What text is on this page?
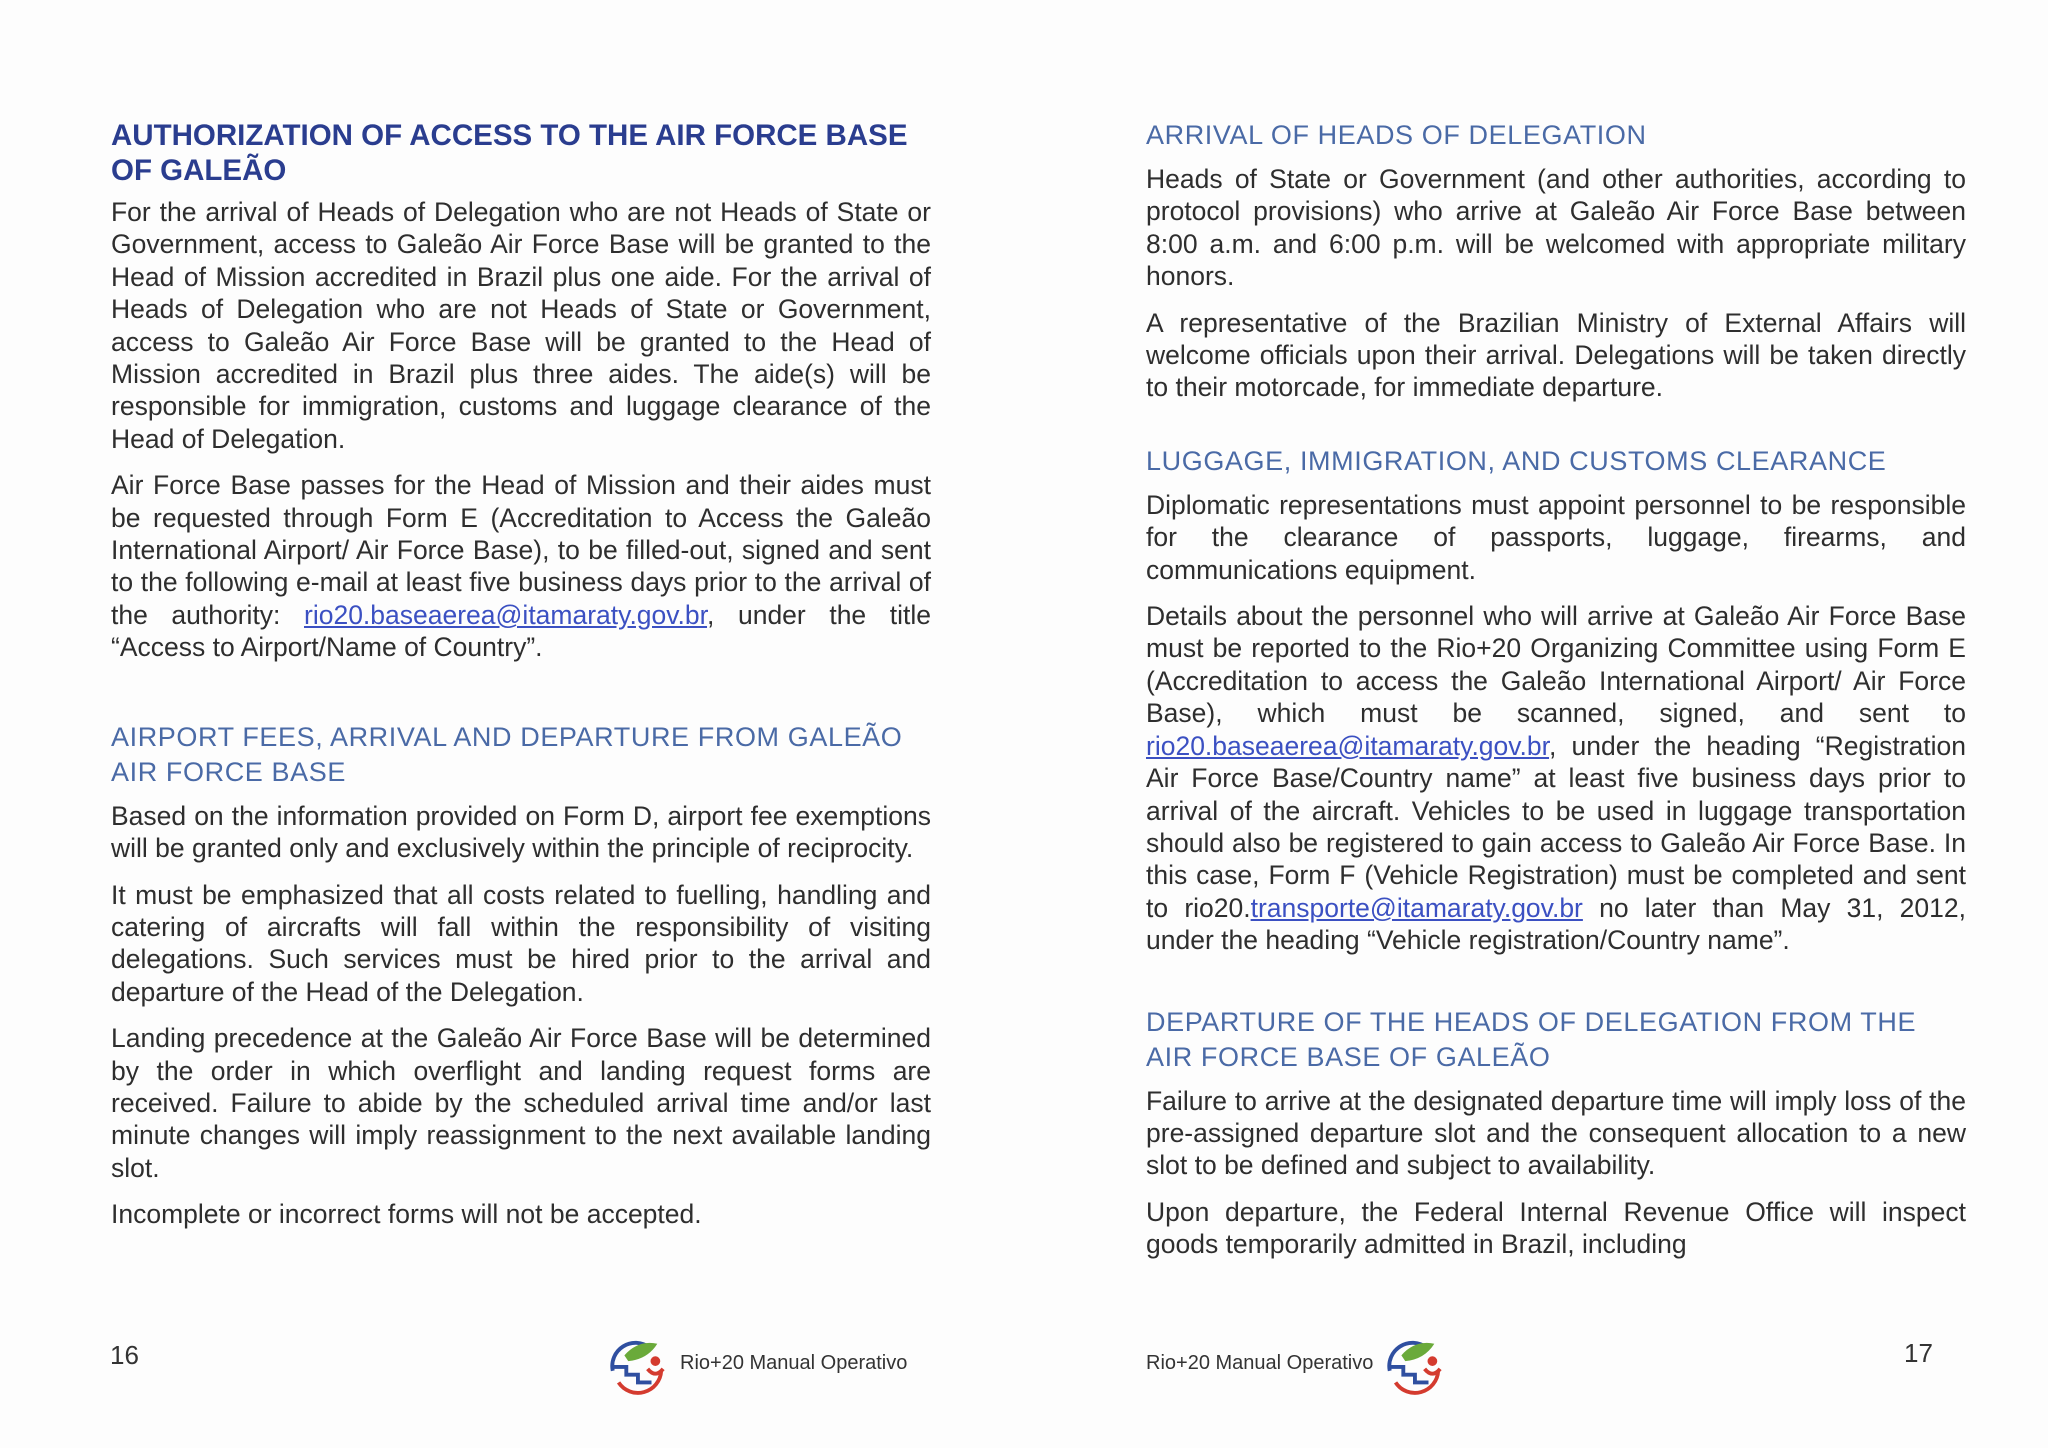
AUTHORIZATION OF ACCESS TO THE AIR FORCE BASE OF GALEÃO

For the arrival of Heads of Delegation who are not Heads of State or Government, access to Galeão Air Force Base will be granted to the Head of Mission accredited in Brazil plus one aide. For the arrival of Heads of Delegation who are not Heads of State or Government, access to Galeão Air Force Base will be granted to the Head of Mission accredited in Brazil plus three aides. The aide(s) will be responsible for immigration, customs and luggage clearance of the Head of Delegation.

Air Force Base passes for the Head of Mission and their aides must be requested through Form E (Accreditation to Access the Galeão International Airport/ Air Force Base), to be filled-out, signed and sent to the following e-mail at least five business days prior to the arrival of the authority: rio20.baseaerea@itamaraty.gov.br, under the title “Access to Airport/Name of Country”.

AIRPORT FEES, ARRIVAL AND DEPARTURE FROM GALEÃO AIR FORCE BASE

Based on the information provided on Form D, airport fee exemptions will be granted only and exclusively within the principle of reciprocity.

It must be emphasized that all costs related to fuelling, handling and catering of aircrafts will fall within the responsibility of visiting delegations. Such services must be hired prior to the arrival and departure of the Head of the Delegation.

Landing precedence at the Galeão Air Force Base will be determined by the order in which overflight and landing request forms are received. Failure to abide by the scheduled arrival time and/or last minute changes will imply reassignment to the next available landing slot.

Incomplete or incorrect forms will not be accepted.

16	Rio+20 Manual Operativo
ARRIVAL OF HEADS OF DELEGATION

Heads of State or Government (and other authorities, according to protocol provisions) who arrive at Galeão Air Force Base between 8:00 a.m. and 6:00 p.m. will be welcomed with appropriate military honors.

A representative of the Brazilian Ministry of External Affairs will welcome officials upon their arrival. Delegations will be taken directly to their motorcade, for immediate departure.

LUGGAGE, IMMIGRATION, AND CUSTOMS CLEARANCE

Diplomatic representations must appoint personnel to be responsible for the clearance of passports, luggage, firearms, and communications equipment.

Details about the personnel who will arrive at Galeão Air Force Base must be reported to the Rio+20 Organizing Committee using Form E (Accreditation to access the Galeão International Airport/ Air Force Base), which must be scanned, signed, and sent to rio20.baseaerea@itamaraty.gov.br, under the heading “Registration Air Force Base/Country name” at least five business days prior to arrival of the aircraft. Vehicles to be used in luggage transportation should also be registered to gain access to Galeão Air Force Base. In this case, Form F (Vehicle Registration) must be completed and sent to rio20.transporte@itamaraty.gov.br no later than May 31, 2012, under the heading “Vehicle registration/Country name”.

DEPARTURE OF THE HEADS OF DELEGATION FROM THE AIR FORCE BASE OF GALEÃO

Failure to arrive at the designated departure time will imply loss of the pre-assigned departure slot and the consequent allocation to a new slot to be defined and subject to availability.

Upon departure, the Federal Internal Revenue Office will inspect goods temporarily admitted in Brazil, including

Rio+20 Manual Operativo	17
